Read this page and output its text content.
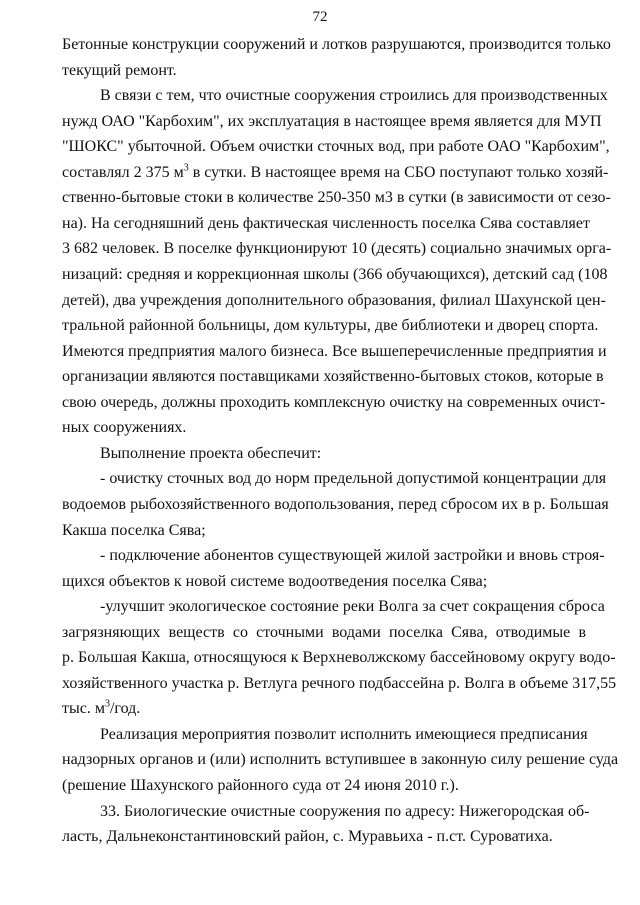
72
Бетонные конструкции сооружений и лотков разрушаются, производится только
текущий ремонт.
В связи с тем, что очистные сооружения строились для производственных
нужд ОАО "Карбохим", их эксплуатация в настоящее время является для МУП
"ШОКС" убыточной. Объем очистки сточных вод, при работе ОАО "Карбохим",
составлял 2 375 $м^3$ в сутки. В настоящее время на СБО поступают только хозяй-
ственно-бытовые стоки в количестве 250-350 м3 в сутки (в зависимости от сезо-
на). На сегодняшний день фактическая численность поселка Сява составляет
3 682 человек. В поселке функционируют 10 (десять) социально значимых орга-
низаций: средняя и коррекционная школы (366 обучающихся), детский сад (108
детей), два учреждения дополнительного образования, филиал Шахунской цен-
тральной районной больницы, дом культуры, две библиотеки и дворец спорта.
Имеются предприятия малого бизнеса. Все вышеперечисленные предприятия и
организации являются поставщиками хозяйственно-бытовых стоков, которые в
свою очередь, должны проходить комплексную очистку на современных очист-
ных сооружениях.
Выполнение проекта обеспечит:
- очистку сточных вод до норм предельной допустимой концентрации для
водоемов рыбохозяйственного водопользования, перед сбросом их в р. Большая
Какша поселка Сява;
- подключение абонентов существующей жилой застройки и вновь строя-
щихся объектов к новой системе водоотведения поселка Сява;
-улучшит экологическое состояние реки Волга за счет сокращения сброса
загрязняющих веществ со сточными водами поселка Сява, отводимые в
р. Большая Какша, относящуюся к Верхневолжскому бассейновому округу водо-
хозяйственного участка р. Ветлуга речного подбассейна р. Волга в объеме 317,55
тыс. $м^3$/год.
Реализация мероприятия позволит исполнить имеющиеся предписания
надзорных органов и (или) исполнить вступившее в законную силу решение суда
(решение Шахунского районного суда от 24 июня 2010 г.).
33. Биологические очистные сооружения по адресу: Нижегородская об-
ласть, Дальнеконстантиновский район, с. Муравьиха - п.ст. Суроватиха.
